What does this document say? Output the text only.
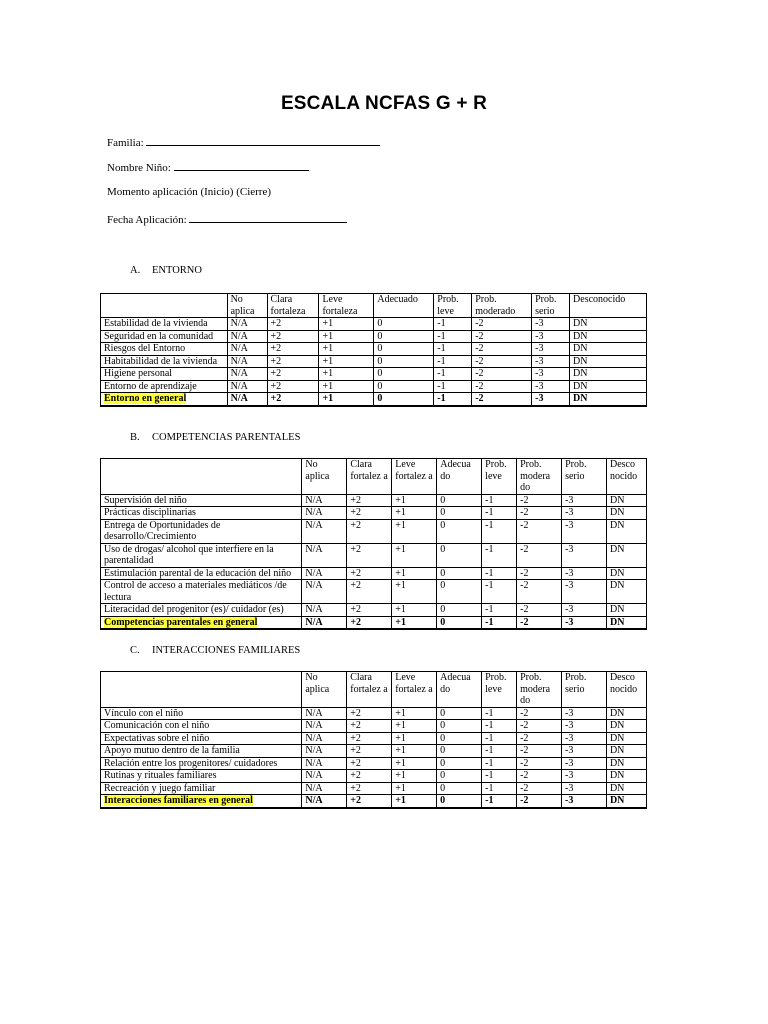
ESCALA NCFAS G + R
Familia:
Nombre Niño:
Momento aplicación (Inicio) (Cierre)
Fecha Aplicación:
A. ENTORNO
	No aplica	Clara fortaleza	Leve fortaleza	Adecuado	Prob. leve	Prob. moderado	Prob. serio	Desconocido
Estabilidad de la vivienda	N/A	+2	+1	0	-1	-2	-3	DN
Seguridad en la comunidad	N/A	+2	+1	0	-1	-2	-3	DN
Riesgos del Entorno	N/A	+2	+1	0	-1	-2	-3	DN
Habitabilidad de la vivienda	N/A	+2	+1	0	-1	-2	-3	DN
Higiene personal	N/A	+2	+1	0	-1	-2	-3	DN
Entorno de aprendizaje	N/A	+2	+1	0	-1	-2	-3	DN
Entorno en general	N/A	+2	+1	0	-1	-2	-3	DN
B. COMPETENCIAS PARENTALES
	No aplica	Clara fortalez a	Leve fortalez a	Adecua do	Prob. leve	Prob. modera do	Prob. serio	Desco nocido
Supervisión del niño	N/A	+2	+1	0	-1	-2	-3	DN
Prácticas disciplinarias	N/A	+2	+1	0	-1	-2	-3	DN
Entrega de Oportunidades de desarrollo/Crecimiento	N/A	+2	+1	0	-1	-2	-3	DN
Uso de drogas/ alcohol que interfiere en la parentalidad	N/A	+2	+1	0	-1	-2	-3	DN
Estimulación parental de la educación del niño	N/A	+2	+1	0	-1	-2	-3	DN
Control de acceso a materiales mediáticos /de lectura	N/A	+2	+1	0	-1	-2	-3	DN
Literacidad del progenitor (es)/ cuidador (es)	N/A	+2	+1	0	-1	-2	-3	DN
Competencias parentales en general	N/A	+2	+1	0	-1	-2	-3	DN
C. INTERACCIONES FAMILIARES
	No aplica	Clara fortalez a	Leve fortalez a	Adecua do	Prob. leve	Prob. modera do	Prob. serio	Desco nocido
Vínculo con el niño	N/A	+2	+1	0	-1	-2	-3	DN
Comunicación con el niño	N/A	+2	+1	0	-1	-2	-3	DN
Expectativas sobre el niño	N/A	+2	+1	0	-1	-2	-3	DN
Apoyo mutuo dentro de la familia	N/A	+2	+1	0	-1	-2	-3	DN
Relación entre los progenitores/ cuidadores	N/A	+2	+1	0	-1	-2	-3	DN
Rutinas y rituales familiares	N/A	+2	+1	0	-1	-2	-3	DN
Recreación y juego familiar	N/A	+2	+1	0	-1	-2	-3	DN
Interacciones familiares en general	N/A	+2	+1	0	-1	-2	-3	DN
